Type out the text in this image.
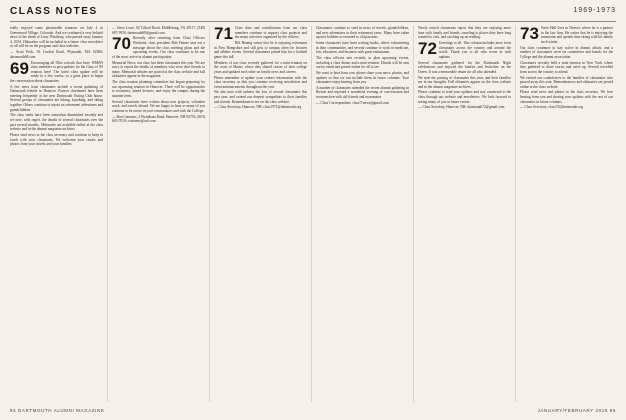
CLASS NOTES	1969-1973

really enjoyed some pleasurable reunions on July 4 in Greenwood Village, Colorado. And we continued a very belated news of the death of Larry Winthrop, who passed away January 4, 2014. Obituaries will be included in a future class newsletter so all will be on the program and class websites.

— Scott Peck, 56 Cordial Road, Plymouth, MA 02360; dartmouth68.com

69 Encouraging all Ohio schools that have 1968/69 class members to post updates for the Class of '69 reunion here! The latest class update will be ready in a few weeks, so a great place to begin the conversation about classmates.

A few news from classmates include a recent gathering of Dartmouth friends in Hanover. Former classmates have been meeting frequently at the new Dartmouth Outing Club house. Several groups of classmates are hiking, kayaking, and skiing together. Others continue to report on retirement adventures and grandchildren.

The class ranks have been somewhat diminished recently and we note, with regret, the deaths of several classmates over the past several months. Obituaries are available online at the class website and in the alumni magazine archives.

Please send news to the class secretary and continue to keep in touch with your classmates. We welcome your stories and photos from your travels and your families.

— Steve Lowe, 82 Tilford Road, Middleburg, VA 20117; (540) 687-5930; dartmouth69@gmail.com

70 Recently after returning from Class Officers Weekend, class president Bob Fenner sent out a message about the class meeting plans and the upcoming events. Our class continues to be one of the most active in alumni participation.

Memorial News: our class lost three classmates this year. We are sorry to report the deaths of members who were dear friends to many. Memorial tributes are posted at the class website and full obituaries appear in the magazine.

The class reunion planning committee has begun preparing for our upcoming reunion in Hanover. There will be opportunities to reconnect, attend lectures, and enjoy the campus during the summer term.

Several classmates have written about new projects, volunteer work, and travels abroad. We are happy to hear so many of you continue to be active in your communities and with the College.

— Ron Cattaneo, 2 Wyndham Road, Hanover, NH 03755; (603) 643-7010; rcattaneo@aol.com

71 Class dues and contributions from our class members continue to support class projects and the many activities organized by the officers.

Bill Hennig writes that he is enjoying retirement in New Hampshire and still gets to campus often for lectures and athletic events. Several classmates joined him for a football game this fall.

Members of our class recently gathered for a mini-reunion on the coast of Maine, where they shared stories of their college years and updated each other on family news and careers.

Please remember to update your contact information with the class secretary so that you continue receiving newsletters and event announcements throughout the year.

We also note with sadness the loss of several classmates this past year, and extend our deepest sympathies to their families and friends. Remembrances are on the class website.

— Class Secretary, Hanover, NH; class1971@dartmouth.org

Classmates continue to send in news of travels, grandchildren, and new adventures in their retirement years. Many have taken up new hobbies or returned to old passions.

Some classmates have been writing books, others volunteering in their communities, and several continue to work in medicine, law, education, and business with great enthusiasm.

The class officers met recently to plan upcoming events, including a class dinner and a mini-reunion. Details will be sent out by email and posted online for all to see.

We want to hear from you: please share your news, photos, and updates so that we can include them in future columns. Your classmates enjoy hearing from you.

A number of classmates attended the recent alumni gathering in Boston and reported a wonderful evening of conversation and reconnection with old friends and roommates.

— Class Correspondent; class71news@gmail.com

Newly retired classmates report that they are enjoying more time with family and friends, traveling to places they have long wanted to visit, and catching up on reading.

72 Greetings to all. This column includes news from classmates across the country and around the world. Thank you to all who wrote in with updates.

Several classmates gathered for the Dartmouth Night celebrations and enjoyed the bonfire and festivities on the Green. It was a memorable return for all who attended.

We note the passing of classmates this year, and their families are in our thoughts. Full obituaries appear on the class website and in the alumni magazine archives.

Please continue to send your updates and stay connected to the class through our website and newsletters. We look forward to seeing many of you at future events.

— Class Secretary, Hanover, NH; dartmouth72@gmail.com

73 Steve Hall lives in Denver, where he is a partner in the law firm. He writes that he is enjoying the mountains and spends time skiing with his family each winter.

Our class continues to stay active in alumni affairs, and a number of classmates serve on committees and boards for the College and the alumni association.

Classmates recently held a mini-reunion in New York, where they gathered to share stories and catch up. Several travelled from across the country to attend.

We extend our condolences to the families of classmates who passed away this year. Remembrances and obituaries are posted online at the class website.

Please send news and photos to the class secretary. We love hearing from you and sharing your updates with the rest of our classmates in future columns.

— Class Secretary; class73@dartmouth.org

94 DARTMOUTH ALUMNI MAGAZINE	JANUARY/FEBRUARY 2016 95
